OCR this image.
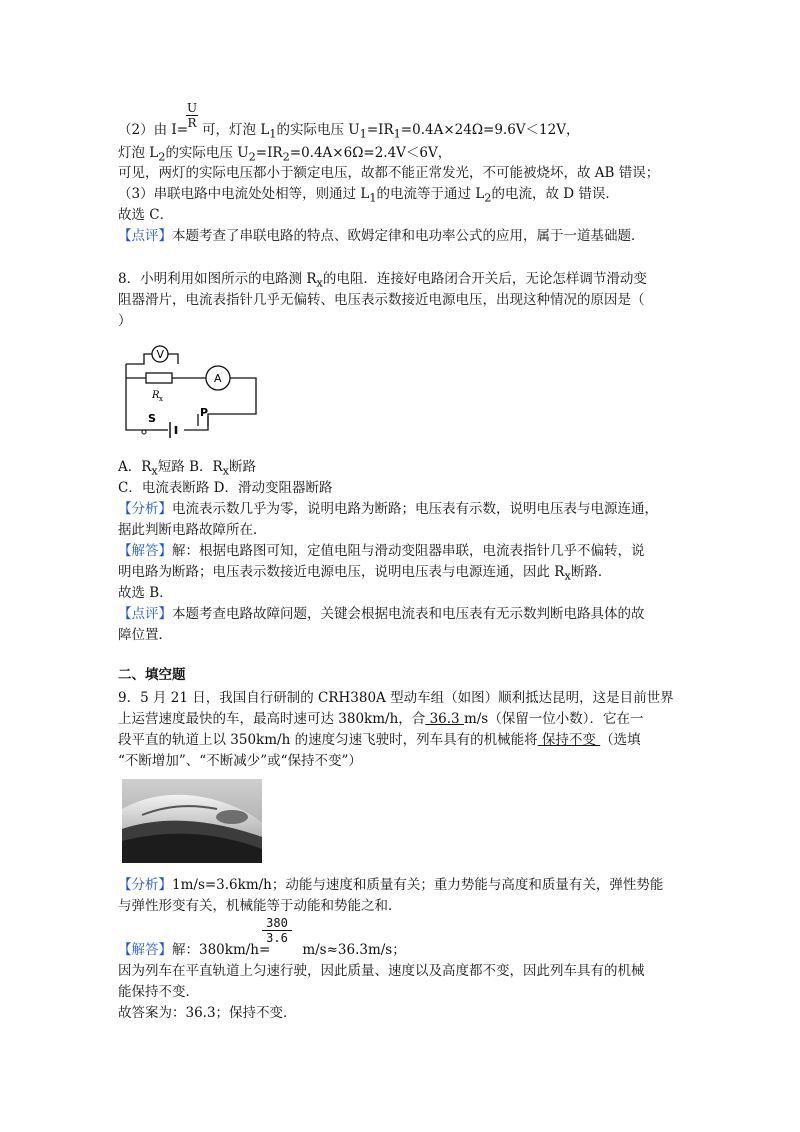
$\frac{U}{R}$
（2）由 I= 可，灯泡 $L_1$的实际电压 $U_1=IR_1=0.4A\times 24\Omega=9.6V<12V$，
灯泡 $L_2$的实际电压 $U_2=IR_2=0.4A\times 6\Omega=2.4V<6V$，
可见，两灯的实际电压都小于额定电压，故都不能正常发光，不可能被烧坏，故 AB 错误；
（3）串联电路中电流处处相等，则通过 $L_1$的电流等于通过 $L_2$的电流，故 D 错误．
故选 C．
【点评】本题考查了串联电路的特点、欧姆定律和电功率公式的应用，属于一道基础题．
8．小明利用如图所示的电路测 $R_x$的电阻．连接好电路闭合开关后，无论怎样调节滑动变
阻器滑片，电流表指针几乎无偏转、电压表示数接近电源电压，出现这种情况的原因是（
）
V
R x
A
S	P
A．$R_x$短路 B．$R_x$断路
C．电流表断路 D．滑动变阻器断路
【分析】电流表示数几乎为零，说明电路为断路；电压表有示数，说明电压表与电源连通，
据此判断电路故障所在．
【解答】解：根据电路图可知，定值电阻与滑动变阻器串联，电流表指针几乎不偏转，说
明电路为断路；电压表示数接近电源电压，说明电压表与电源连通，因此 $R_x$断路．
故选 B．
【点评】本题考查电路故障问题，关键会根据电流表和电压表有无示数判断电路具体的故
障位置．
二、填空题
9．5 月 21 日，我国自行研制的 CRH380A 型动车组（如图）顺利抵达昆明，这是目前世界
上运营速度最快的车，最高时速可达 380km/h，合 36.3 m/s（保留一位小数）．它在一
段平直的轨道上以 350km/h 的速度匀速飞驶时，列车具有的机械能将 保持不变 （选填
“不断增加”、“不断减少”或“保持不变”）
【分析】1m/s=3.6km/h；动能与速度和质量有关；重力势能与高度和质量有关，弹性势能
与弹性形变有关，机械能等于动能和势能之和．
$\frac{380}{3.6}$
【解答】解：380km/h= m/s≈36.3m/s；
因为列车在平直轨道上匀速行驶，因此质量、速度以及高度都不变，因此列车具有的机械
能保持不变．
故答案为：36.3；保持不变．
